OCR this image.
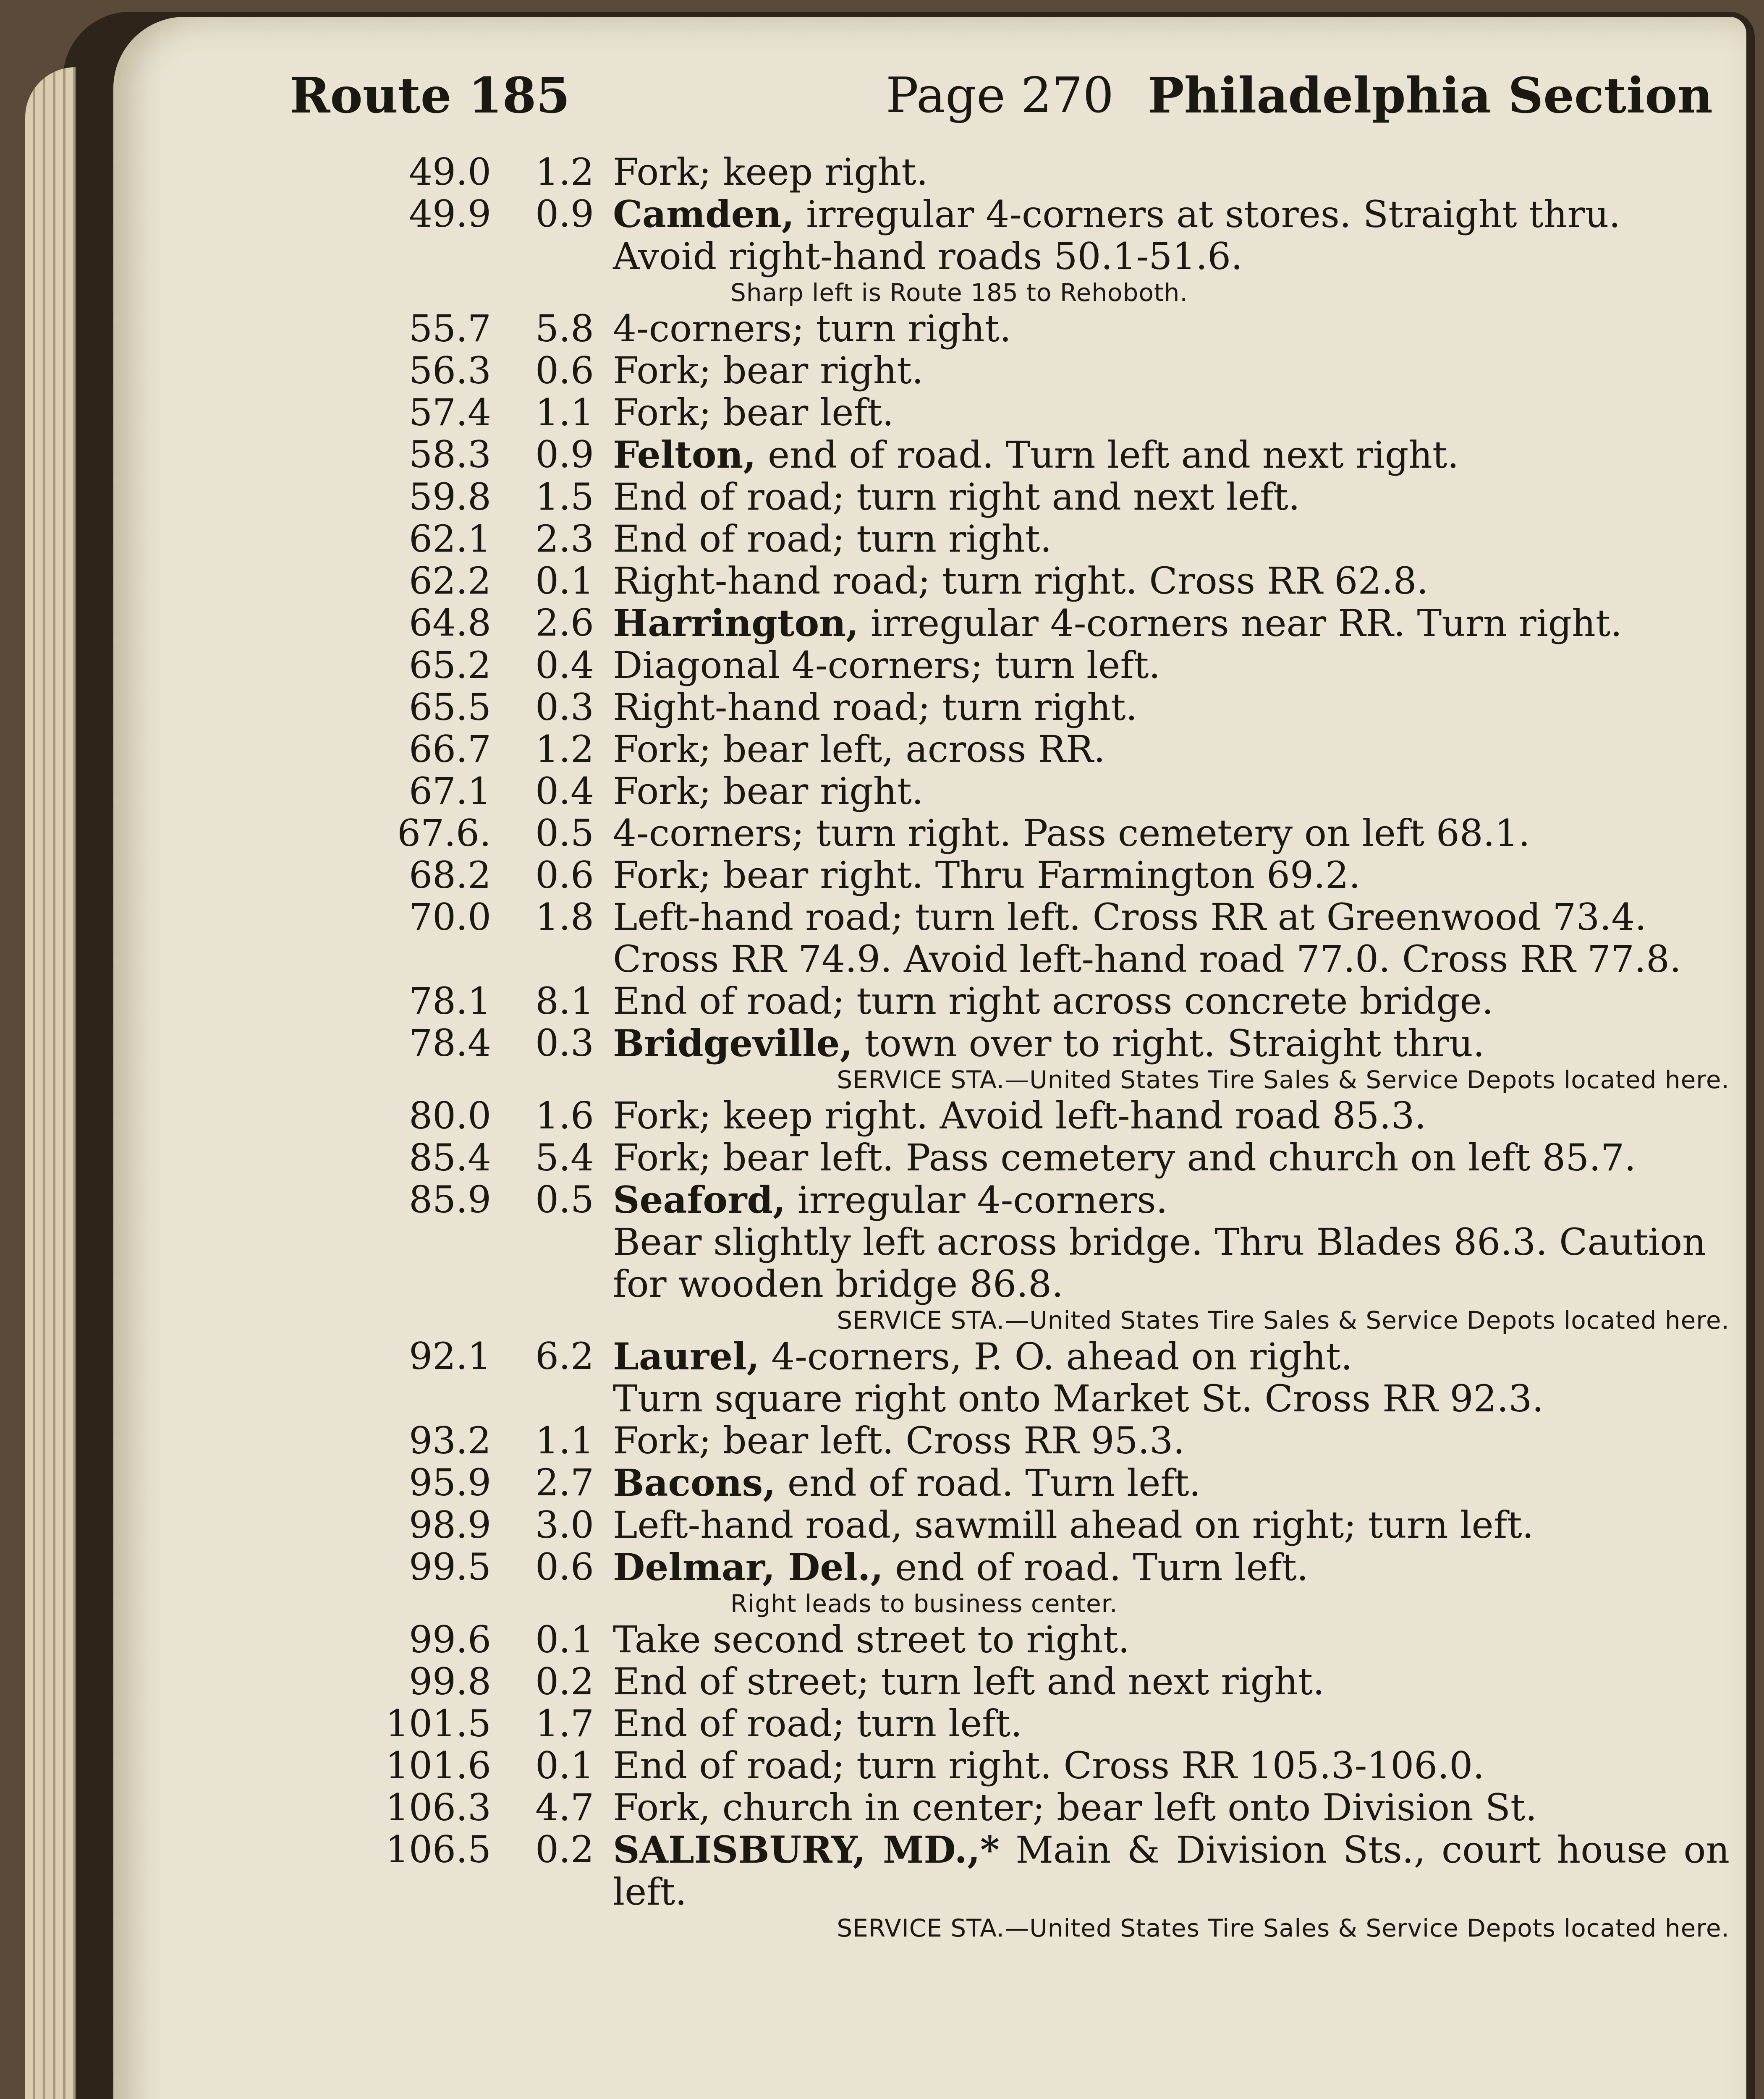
Route 185	Page 270 Philadelphia Section
49.0 1.2 Fork; keep right.
49.9 0.9 Camden, irregular 4-corners at stores. Straight thru.
Avoid right-hand roads 50.1-51.6.
Sharp left is Route 185 to Rehoboth.
55.7 5.8 4-corners; turn right.
56.3 0.6 Fork; bear right.
57.4 1.1 Fork; bear left.
58.3 0.9 Felton, end of road. Turn left and next right.
59.8 1.5 End of road; turn right and next left.
62.1 2.3 End of road; turn right.
62.2 0.1 Right-hand road; turn right. Cross RR 62.8.
64.8 2.6 Harrington, irregular 4-corners near RR. Turn right.
65.2 0.4 Diagonal 4-corners; turn left.
65.5 0.3 Right-hand road; turn right.
66.7 1.2 Fork; bear left, across RR.
67.1 0.4 Fork; bear right.
67.6. 0.5 4-corners; turn right. Pass cemetery on left 68.1.
68.2 0.6 Fork; bear right. Thru Farmington 69.2.
70.0 1.8 Left-hand road; turn left. Cross RR at Greenwood 73.4.
Cross RR 74.9. Avoid left-hand road 77.0. Cross RR 77.8.
78.1 8.1 End of road; turn right across concrete bridge.
78.4 0.3 Bridgeville, town over to right. Straight thru.
SERVICE STA.—United States Tire Sales & Service Depots located here.
80.0 1.6 Fork; keep right. Avoid left-hand road 85.3.
85.4 5.4 Fork; bear left. Pass cemetery and church on left 85.7.
85.9 0.5 Seaford, irregular 4-corners.
Bear slightly left across bridge. Thru Blades 86.3. Caution
for wooden bridge 86.8.
SERVICE STA.—United States Tire Sales & Service Depots located here.
92.1 6.2 Laurel, 4-corners, P. O. ahead on right.
Turn square right onto Market St. Cross RR 92.3.
93.2 1.1 Fork; bear left. Cross RR 95.3.
95.9 2.7 Bacons, end of road. Turn left.
98.9 3.0 Left-hand road, sawmill ahead on right; turn left.
99.5 0.6 Delmar, Del., end of road. Turn left.
Right leads to business center.
99.6 0.1 Take second street to right.
99.8 0.2 End of street; turn left and next right.
101.5 1.7 End of road; turn left.
101.6 0.1 End of road; turn right. Cross RR 105.3-106.0.
106.3 4.7 Fork, church in center; bear left onto Division St.
106.5 0.2 SALISBURY, MD.,* Main & Division Sts., court house on left.
SERVICE STA.—United States Tire Sales & Service Depots located here.
